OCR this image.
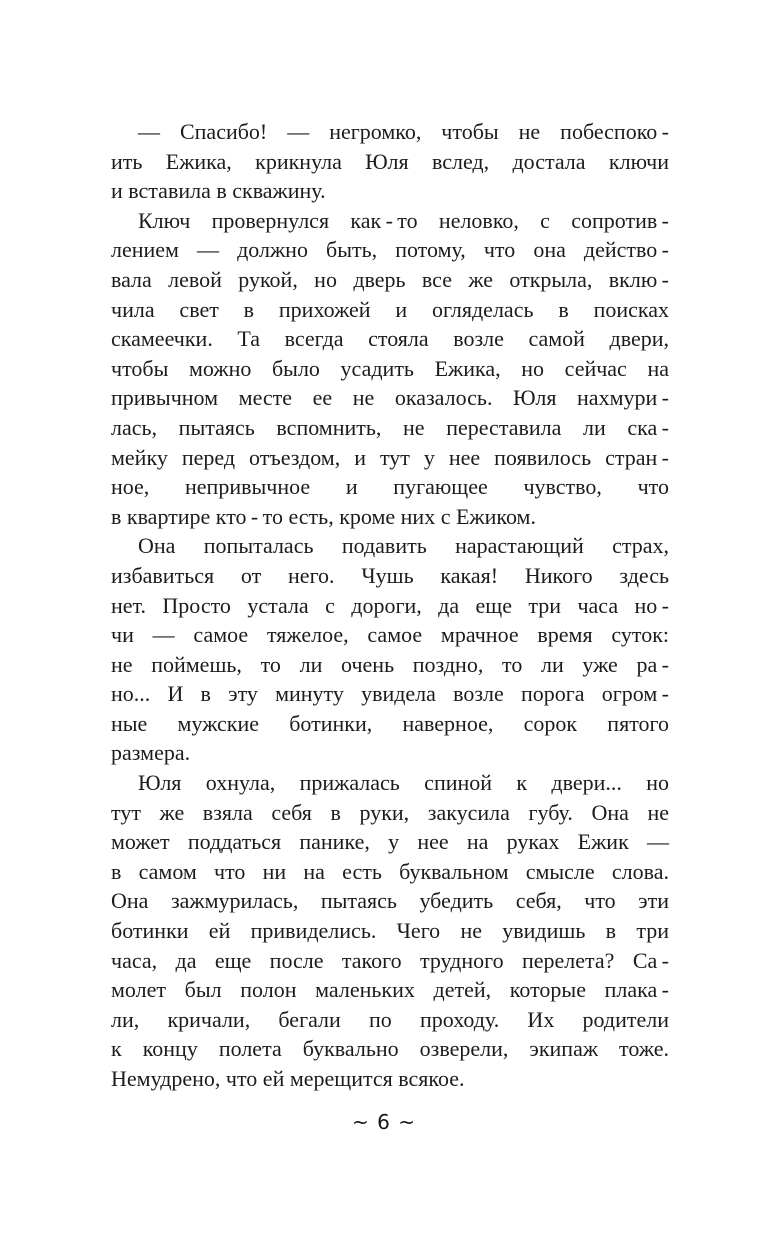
— Спасибо! — негромко, чтобы не побеспоко -
ить Ежика, крикнула Юля вслед, достала ключи
и вставила в скважину.
Ключ провернулся как - то неловко, с сопротив -
лением — должно быть, потому, что она действо -
вала левой рукой, но дверь все же открыла, вклю -
чила свет в прихожей и огляделась в поисках
скамеечки. Та всегда стояла возле самой двери,
чтобы можно было усадить Ежика, но сейчас на
привычном месте ее не оказалось. Юля нахмури -
лась, пытаясь вспомнить, не переставила ли ска -
мейку перед отъездом, и тут у нее появилось стран -
ное, непривычное и пугающее чувство, что
в квартире кто - то есть, кроме них с Ежиком.
Она попыталась подавить нарастающий страх,
избавиться от него. Чушь какая! Никого здесь
нет. Просто устала с дороги, да еще три часа но -
чи — самое тяжелое, самое мрачное время суток:
не поймешь, то ли очень поздно, то ли уже ра -
но... И в эту минуту увидела возле порога огром -
ные мужские ботинки, наверное, сорок пятого
размера.
Юля охнула, прижалась спиной к двери... но
тут же взяла себя в руки, закусила губу. Она не
может поддаться панике, у нее на руках Ежик —
в самом что ни на есть буквальном смысле слова.
Она зажмурилась, пытаясь убедить себя, что эти
ботинки ей привиделись. Чего не увидишь в три
часа, да еще после такого трудного перелета? Са -
молет был полон маленьких детей, которые плака -
ли, кричали, бегали по проходу. Их родители
к концу полета буквально озверели, экипаж тоже.
Немудрено, что ей мерещится всякое.
~ 6 ~
